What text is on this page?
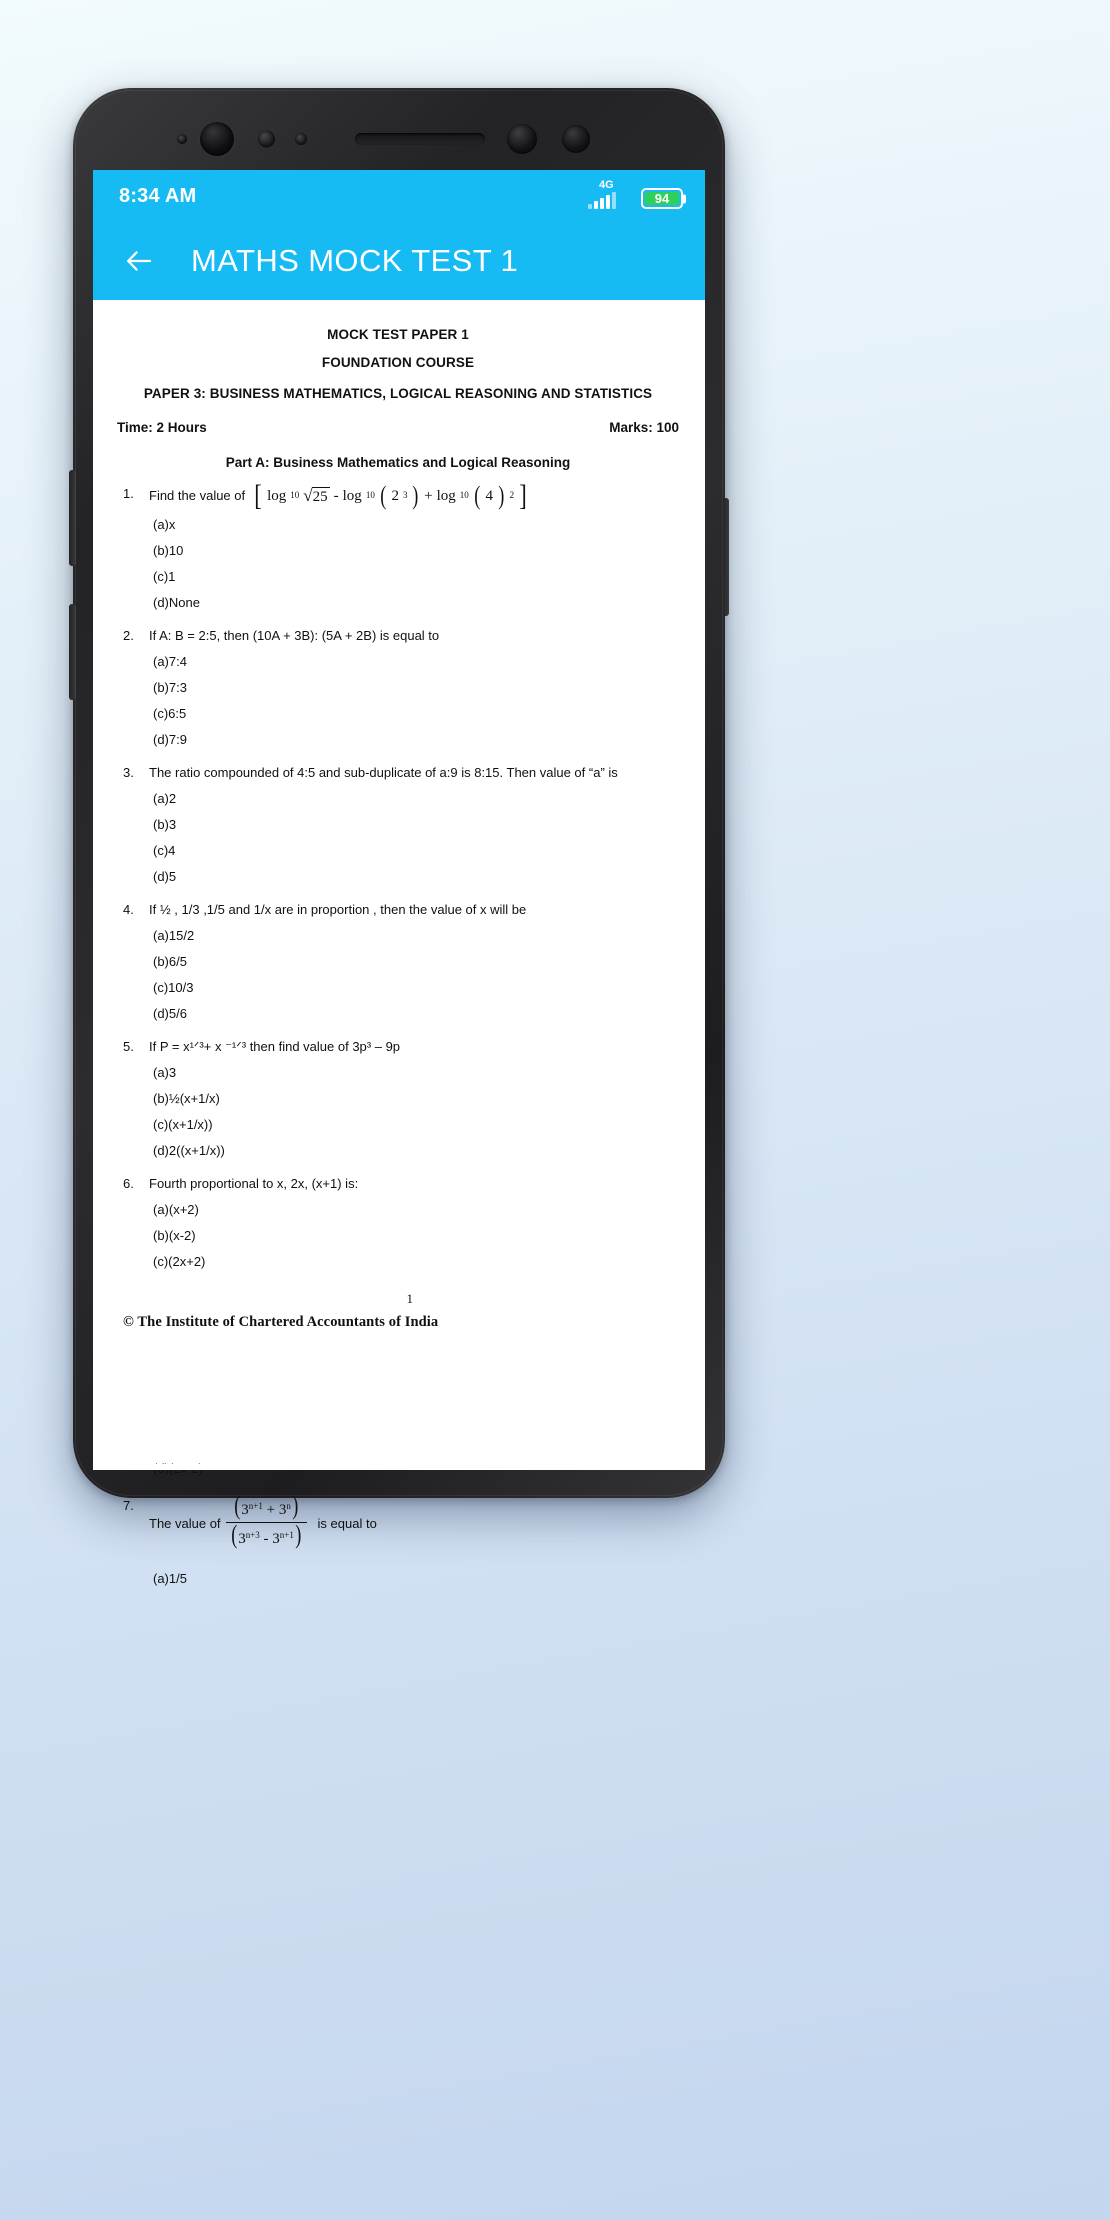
8:34 AM	4G
94
MATHS MOCK TEST 1
MOCK TEST PAPER 1
FOUNDATION COURSE
PAPER 3: BUSINESS MATHEMATICS, LOGICAL REASONING AND STATISTICS
Time: 2 Hours	Marks: 100
Part A: Business Mathematics and Logical Reasoning
1.	Find the value of [ log 10 √ 25 - log 10 ( 2 3 ) + log 10 ( 4 ) 2 ]
(a) x
(b) 10
(c) 1
(d) None
2.	If A: B = 2:5, then (10A + 3B): (5A + 2B) is equal to
(a) 7:4
(b) 7:3
(c) 6:5
(d) 7:9
3.	The ratio compounded of 4:5 and sub-duplicate of a:9 is 8:15. Then value of “a” is
(a) 2
(b) 3
(c) 4
(d) 5
4.	If ½ , 1/3 ,1/5 and 1/x are in proportion , then the value of x will be
(a) 15/2
(b) 6/5
(c) 10/3
(d) 5/6
5.	If P = x¹ᐟ³+ x ⁻¹ᐟ³ then find value of 3p³ – 9p
(a) 3
(b) ½(x+1/x)
(c) (x+1/x))
(d) 2((x+1/x))
6.	Fourth proportional to x, 2x, (x+1) is:
(a) (x+2)
(b) (x-2)
(c) (2x+2)
1
© The Institute of Chartered Accountants of India
7.
The value of $\frac{(3^{n+1} + 3^n)}{(3^{n+3} - 3^{n+1})}$ is equal to
(a) 1/5
